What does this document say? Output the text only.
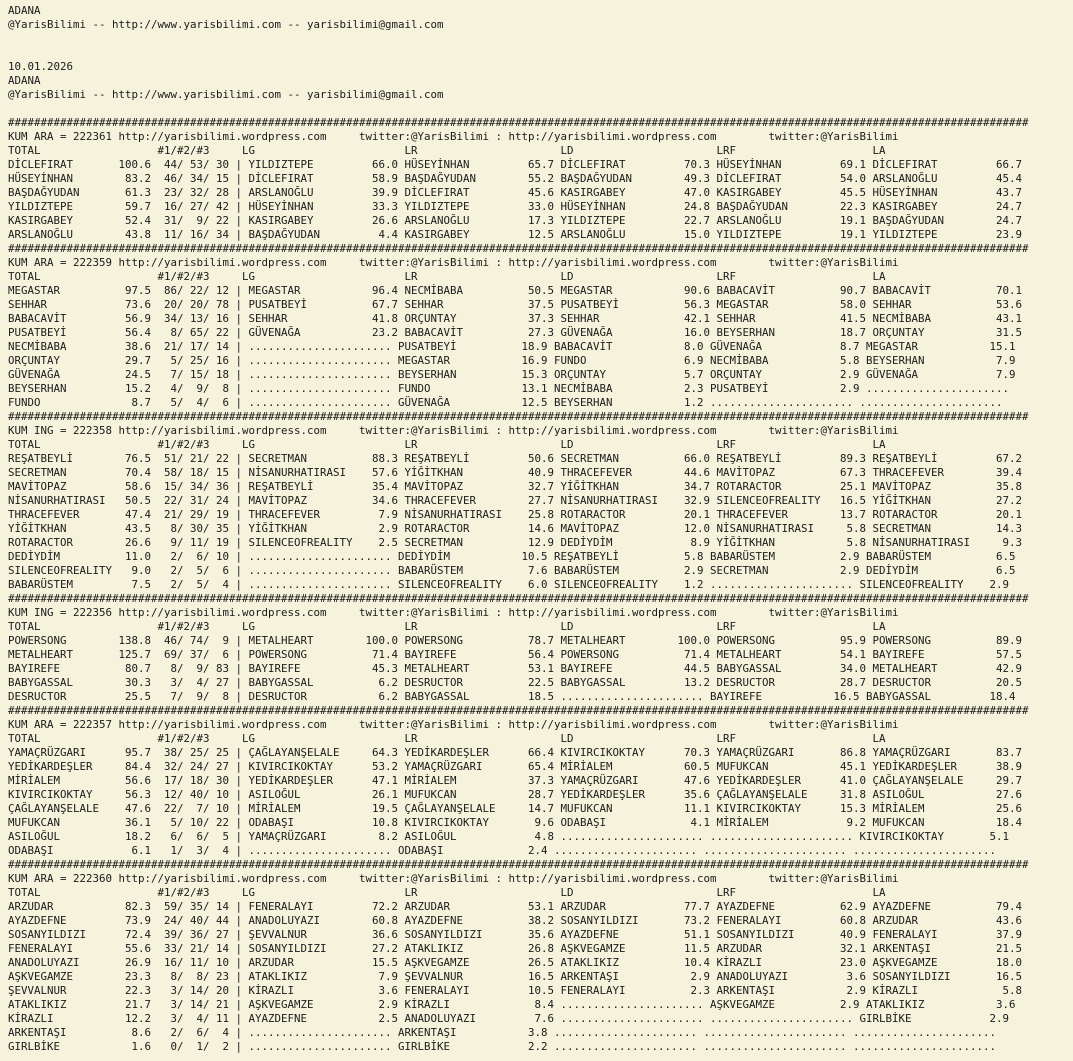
ADANA
@YarisBilimi -- http://www.yarisbilimi.com -- yarisbilimi@gmail.com

10.01.2026
ADANA
@YarisBilimi -- http://www.yarisbilimi.com -- yarisbilimi@gmail.com

#############################################################################################################################################################
KUM ARA = 222361 http://yarisbilimi.wordpress.com     twitter:@YarisBilimi : http://yarisbilimi.wordpress.com        twitter:@YarisBilimi
TOTAL                  #1/#2/#3     LG                       LR                      LD                      LRF                     LA
DİCLEFIRAT       100.6  44/ 53/ 30 | YILDIZTEPE         66.0 HÜSEYİNHAN         65.7 DİCLEFIRAT         70.3 HÜSEYİNHAN         69.1 DİCLEFIRAT         66.7
HÜSEYİNHAN        83.2  46/ 34/ 15 | DİCLEFIRAT         58.9 BAŞDAĞYUDAN        55.2 BAŞDAĞYUDAN        49.3 DİCLEFIRAT         54.0 ARSLANOĞLU         45.4
BAŞDAĞYUDAN       61.3  23/ 32/ 28 | ARSLANOĞLU         39.9 DİCLEFIRAT         45.6 KASIRGABEY         47.0 KASIRGABEY         45.5 HÜSEYİNHAN         43.7
YILDIZTEPE        59.7  16/ 27/ 42 | HÜSEYİNHAN         33.3 YILDIZTEPE         33.0 HÜSEYİNHAN         24.8 BAŞDAĞYUDAN        22.3 KASIRGABEY         24.7
KASIRGABEY        52.4  31/  9/ 22 | KASIRGABEY         26.6 ARSLANOĞLU         17.3 YILDIZTEPE         22.7 ARSLANOĞLU         19.1 BAŞDAĞYUDAN        24.7
ARSLANOĞLU        43.8  11/ 16/ 34 | BAŞDAĞYUDAN         4.4 KASIRGABEY         12.5 ARSLANOĞLU         15.0 YILDIZTEPE         19.1 YILDIZTEPE         23.9
#############################################################################################################################################################
KUM ARA = 222359 http://yarisbilimi.wordpress.com     twitter:@YarisBilimi : http://yarisbilimi.wordpress.com        twitter:@YarisBilimi
TOTAL                  #1/#2/#3     LG                       LR                      LD                      LRF                     LA
MEGASTAR          97.5  86/ 22/ 12 | MEGASTAR           96.4 NECMİBABA          50.5 MEGASTAR           90.6 BABACAVİT          90.7 BABACAVİT          70.1
SEHHAR            73.6  20/ 20/ 78 | PUSATBEYİ          67.7 SEHHAR             37.5 PUSATBEYİ          56.3 MEGASTAR           58.0 SEHHAR             53.6
BABACAVİT         56.9  34/ 13/ 16 | SEHHAR             41.8 ORÇUNTAY           37.3 SEHHAR             42.1 SEHHAR             41.5 NECMİBABA          43.1
PUSATBEYİ         56.4   8/ 65/ 22 | GÜVENAĞA           23.2 BABACAVİT          27.3 GÜVENAĞA           16.0 BEYSERHAN          18.7 ORÇUNTAY           31.5
NECMİBABA         38.6  21/ 17/ 14 | ...................... PUSATBEYİ          18.9 BABACAVİT           8.0 GÜVENAĞA            8.7 MEGASTAR           15.1
ORÇUNTAY          29.7   5/ 25/ 16 | ...................... MEGASTAR           16.9 FUNDO               6.9 NECMİBABA           5.8 BEYSERHAN           7.9
GÜVENAĞA          24.5   7/ 15/ 18 | ...................... BEYSERHAN          15.3 ORÇUNTAY            5.7 ORÇUNTAY            2.9 GÜVENAĞA            7.9
BEYSERHAN         15.2   4/  9/  8 | ...................... FUNDO              13.1 NECMİBABA           2.3 PUSATBEYİ           2.9 ......................
FUNDO              8.7   5/  4/  6 | ...................... GÜVENAĞA           12.5 BEYSERHAN           1.2 ...................... ......................
#############################################################################################################################################################
KUM ING = 222358 http://yarisbilimi.wordpress.com     twitter:@YarisBilimi : http://yarisbilimi.wordpress.com        twitter:@YarisBilimi
TOTAL                  #1/#2/#3     LG                       LR                      LD                      LRF                     LA
REŞATBEYLİ        76.5  51/ 21/ 22 | SECRETMAN          88.3 REŞATBEYLİ         50.6 SECRETMAN          66.0 REŞATBEYLİ         89.3 REŞATBEYLİ         67.2
SECRETMAN         70.4  58/ 18/ 15 | NİSANURHATIRASI    57.6 YİĞİTKHAN          40.9 THRACEFEVER        44.6 MAVİTOPAZ          67.3 THRACEFEVER        39.4
MAVİTOPAZ         58.6  15/ 34/ 36 | REŞATBEYLİ         35.4 MAVİTOPAZ          32.7 YİĞİTKHAN          34.7 ROTARACTOR         25.1 MAVİTOPAZ          35.8
NİSANURHATIRASI   50.5  22/ 31/ 24 | MAVİTOPAZ          34.6 THRACEFEVER        27.7 NİSANURHATIRASI    32.9 SILENCEOFREALITY   16.5 YİĞİTKHAN          27.2
THRACEFEVER       47.4  21/ 29/ 19 | THRACEFEVER         7.9 NİSANURHATIRASI    25.8 ROTARACTOR         20.1 THRACEFEVER        13.7 ROTARACTOR         20.1
YİĞİTKHAN         43.5   8/ 30/ 35 | YİĞİTKHAN           2.9 ROTARACTOR         14.6 MAVİTOPAZ          12.0 NİSANURHATIRASI     5.8 SECRETMAN          14.3
ROTARACTOR        26.6   9/ 11/ 19 | SILENCEOFREALITY    2.5 SECRETMAN          12.9 DEDİYDİM            8.9 YİĞİTKHAN           5.8 NİSANURHATIRASI     9.3
DEDİYDİM          11.0   2/  6/ 10 | ...................... DEDİYDİM           10.5 REŞATBEYLİ          5.8 BABARÜSTEM          2.9 BABARÜSTEM          6.5
SILENCEOFREALITY   9.0   2/  5/  6 | ...................... BABARÜSTEM          7.6 BABARÜSTEM          2.9 SECRETMAN           2.9 DEDİYDİM            6.5
BABARÜSTEM         7.5   2/  5/  4 | ...................... SILENCEOFREALITY    6.0 SILENCEOFREALITY    1.2 ...................... SILENCEOFREALITY    2.9
#############################################################################################################################################################
KUM ING = 222356 http://yarisbilimi.wordpress.com     twitter:@YarisBilimi : http://yarisbilimi.wordpress.com        twitter:@YarisBilimi
TOTAL                  #1/#2/#3     LG                       LR                      LD                      LRF                     LA
POWERSONG        138.8  46/ 74/  9 | METALHEART        100.0 POWERSONG          78.7 METALHEART        100.0 POWERSONG          95.9 POWERSONG          89.9
METALHEART       125.7  69/ 37/  6 | POWERSONG          71.4 BAYIREFE           56.4 POWERSONG          71.4 METALHEART         54.1 BAYIREFE           57.5
BAYIREFE          80.7   8/  9/ 83 | BAYIREFE           45.3 METALHEART         53.1 BAYIREFE           44.5 BABYGASSAL         34.0 METALHEART         42.9
BABYGASSAL        30.3   3/  4/ 27 | BABYGASSAL          6.2 DESRUCTOR          22.5 BABYGASSAL         13.2 DESRUCTOR          28.7 DESRUCTOR          20.5
DESRUCTOR         25.5   7/  9/  8 | DESRUCTOR           6.2 BABYGASSAL         18.5 ...................... BAYIREFE           16.5 BABYGASSAL         18.4
#############################################################################################################################################################
KUM ARA = 222357 http://yarisbilimi.wordpress.com     twitter:@YarisBilimi : http://yarisbilimi.wordpress.com        twitter:@YarisBilimi
TOTAL                  #1/#2/#3     LG                       LR                      LD                      LRF                     LA
YAMAÇRÜZGARI      95.7  38/ 25/ 25 | ÇAĞLAYANŞELALE     64.3 YEDİKARDEŞLER      66.4 KIVIRCIKOKTAY      70.3 YAMAÇRÜZGARI       86.8 YAMAÇRÜZGARI       83.7
YEDİKARDEŞLER     84.4  32/ 24/ 27 | KIVIRCIKOKTAY      53.2 YAMAÇRÜZGARI       65.4 MİRİALEM           60.5 MUFUKCAN           45.1 YEDİKARDEŞLER      38.9
MİRİALEM          56.6  17/ 18/ 30 | YEDİKARDEŞLER      47.1 MİRİALEM           37.3 YAMAÇRÜZGARI       47.6 YEDİKARDEŞLER      41.0 ÇAĞLAYANŞELALE     29.7
KIVIRCIKOKTAY     56.3  12/ 40/ 10 | ASILOĞUL           26.1 MUFUKCAN           28.7 YEDİKARDEŞLER      35.6 ÇAĞLAYANŞELALE     31.8 ASILOĞUL           27.6
ÇAĞLAYANŞELALE    47.6  22/  7/ 10 | MİRİALEM           19.5 ÇAĞLAYANŞELALE     14.7 MUFUKCAN           11.1 KIVIRCIKOKTAY      15.3 MİRİALEM           25.6
MUFUKCAN          36.1   5/ 10/ 22 | ODABAŞI            10.8 KIVIRCIKOKTAY       9.6 ODABAŞI             4.1 MİRİALEM            9.2 MUFUKCAN           18.4
ASILOĞUL          18.2   6/  6/  5 | YAMAÇRÜZGARI        8.2 ASILOĞUL            4.8 ...................... ...................... KIVIRCIKOKTAY       5.1
ODABAŞI            6.1   1/  3/  4 | ...................... ODABAŞI             2.4 ...................... ...................... ......................
#############################################################################################################################################################
KUM ARA = 222360 http://yarisbilimi.wordpress.com     twitter:@YarisBilimi : http://yarisbilimi.wordpress.com        twitter:@YarisBilimi
TOTAL                  #1/#2/#3     LG                       LR                      LD                      LRF                     LA
ARZUDAR           82.3  59/ 35/ 14 | FENERALAYI         72.2 ARZUDAR            53.1 ARZUDAR            77.7 AYAZDEFNE          62.9 AYAZDEFNE          79.4
AYAZDEFNE         73.9  24/ 40/ 44 | ANADOLUYAZI        60.8 AYAZDEFNE          38.2 SOSANYILDIZI       73.2 FENERALAYI         60.8 ARZUDAR            43.6
SOSANYILDIZI      72.4  39/ 36/ 27 | ŞEVVALNUR          36.6 SOSANYILDIZI       35.6 AYAZDEFNE          51.1 SOSANYILDIZI       40.9 FENERALAYI         37.9
FENERALAYI        55.6  33/ 21/ 14 | SOSANYILDIZI       27.2 ATAKLIKIZ          26.8 AŞKVEGAMZE         11.5 ARZUDAR            32.1 ARKENTAŞI          21.5
ANADOLUYAZI       26.9  16/ 11/ 10 | ARZUDAR            15.5 AŞKVEGAMZE         26.5 ATAKLIKIZ          10.4 KİRAZLI            23.0 AŞKVEGAMZE         18.0
AŞKVEGAMZE        23.3   8/  8/ 23 | ATAKLIKIZ           7.9 ŞEVVALNUR          16.5 ARKENTAŞI           2.9 ANADOLUYAZI         3.6 SOSANYILDIZI       16.5
ŞEVVALNUR         22.3   3/ 14/ 20 | KİRAZLI             3.6 FENERALAYI         10.5 FENERALAYI          2.3 ARKENTAŞI           2.9 KİRAZLI             5.8
ATAKLIKIZ         21.7   3/ 14/ 21 | AŞKVEGAMZE          2.9 KİRAZLI             8.4 ...................... AŞKVEGAMZE          2.9 ATAKLIKIZ           3.6
KİRAZLI           12.2   3/  4/ 11 | AYAZDEFNE           2.5 ANADOLUYAZI         7.6 ...................... ...................... GIRLBİKE            2.9
ARKENTAŞI          8.6   2/  6/  4 | ...................... ARKENTAŞI           3.8 ...................... ...................... ......................
GIRLBİKE           1.6   0/  1/  2 | ...................... GIRLBİKE            2.2 ...................... ...................... ......................
